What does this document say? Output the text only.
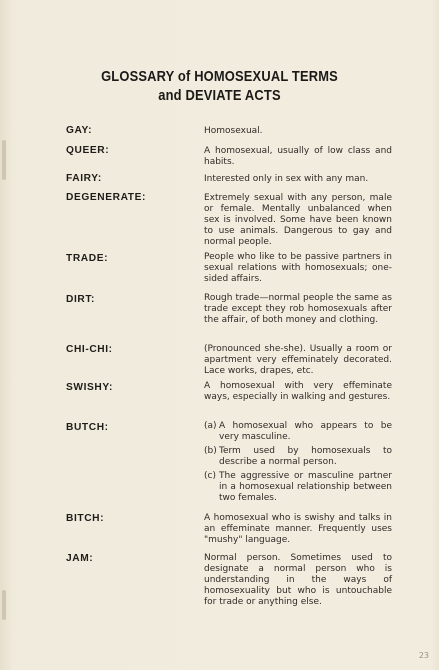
GLOSSARY of HOMOSEXUAL TERMS
and DEVIATE ACTS
GAY:	Homosexual.
QUEER:	A homosexual, usually of low class and habits.
FAIRY:	Interested only in sex with any man.
DEGENERATE:	Extremely sexual with any person, male or female. Mentally unbalanced when sex is involved. Some have been known to use animals. Dangerous to gay and normal people.
TRADE:	People who like to be passive partners in sexual relations with homosexuals; one-sided affairs.
DIRT:	Rough trade—normal people the same as trade except they rob homosexuals after the affair, of both money and clothing.
CHI-CHI:	(Pronounced she-she). Usually a room or apartment very effeminately decorated. Lace works, drapes, etc.
SWISHY:	A homosexual with very effeminate ways, especially in walking and gestures.
BUTCH:	(a) A homosexual who appears to be very masculine.
(b) Term used by homosexuals to describe a normal person.
(c) The aggressive or masculine partner in a homosexual relationship between two females.
BITCH:	A homosexual who is swishy and talks in an effeminate manner. Frequently uses "mushy" language.
JAM:	Normal person. Sometimes used to designate a normal person who is understanding in the ways of homosexuality but who is untouchable for trade or anything else.
23
